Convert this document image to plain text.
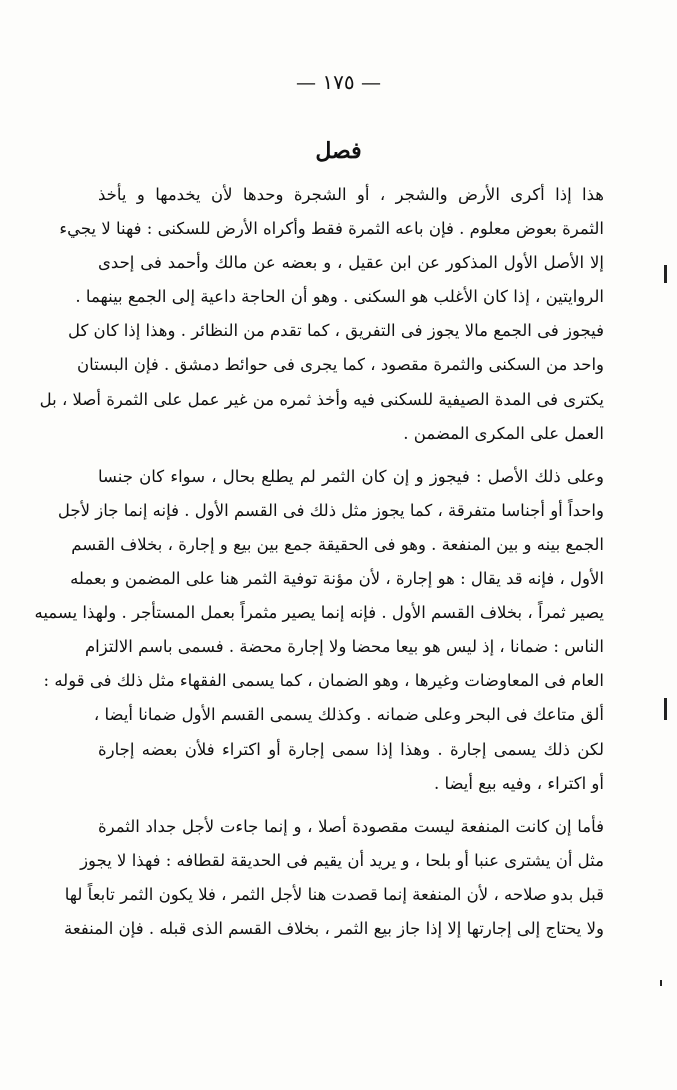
— ١٧٥ —
فصل
هذا إذا أكرى الأرض والشجر ، أو الشجرة وحدها لأن يخدمها و يأخذ
الثمرة بعوض معلوم . فإن باعه الثمرة فقط وأكراه الأرض للسكنى : فهنا لا يجيء
إلا الأصل الأول المذكور عن ابن عقيل ، و بعضه عن مالك وأحمد فى إحدى
الروايتين ، إذا كان الأغلب هو السكنى . وهو أن الحاجة داعية إلى الجمع بينهما .
فيجوز فى الجمع مالا يجوز فى التفريق ، كما تقدم من النظائر . وهذا إذا كان كل
واحد من السكنى والثمرة مقصود ، كما يجرى فى حوائط دمشق . فإن البستان
يكترى فى المدة الصيفية للسكنى فيه وأخذ ثمره من غير عمل على الثمرة أصلا ، بل
العمل على المكرى المضمن .
وعلى ذلك الأصل : فيجوز و إن كان الثمر لم يطلع بحال ، سواء كان جنسا
واحداً أو أجناسا متفرقة ، كما يجوز مثل ذلك فى القسم الأول . فإنه إنما جاز لأجل
الجمع بينه و بين المنفعة . وهو فى الحقيقة جمع بين بيع و إجارة ، بخلاف القسم
الأول ، فإنه قد يقال : هو إجارة ، لأن مؤنة توفية الثمر هنا على المضمن و بعمله
يصير ثمراً ، بخلاف القسم الأول . فإنه إنما يصير مثمراً بعمل المستأجر . ولهذا يسميه
الناس : ضمانا ، إذ ليس هو بيعا محضا ولا إجارة محضة . فسمى باسم الالتزام
العام فى المعاوضات وغيرها ، وهو الضمان ، كما يسمى الفقهاء مثل ذلك فى قوله :
ألق متاعك فى البحر وعلى ضمانه . وكذلك يسمى القسم الأول ضمانا أيضا ،
لكن ذلك يسمى إجارة . وهذا إذا سمى إجارة أو اكتراء فلأن بعضه إجارة
أو اكتراء ، وفيه بيع أيضا .
فأما إن كانت المنفعة ليست مقصودة أصلا ، و إنما جاءت لأجل جداد الثمرة
مثل أن يشترى عنبا أو بلحا ، و يريد أن يقيم فى الحديقة لقطافه : فهذا لا يجوز
قبل بدو صلاحه ، لأن المنفعة إنما قصدت هنا لأجل الثمر ، فلا يكون الثمر تابعاً لها
ولا يحتاج إلى إجارتها إلا إذا جاز بيع الثمر ، بخلاف القسم الذى قبله . فإن المنفعة
